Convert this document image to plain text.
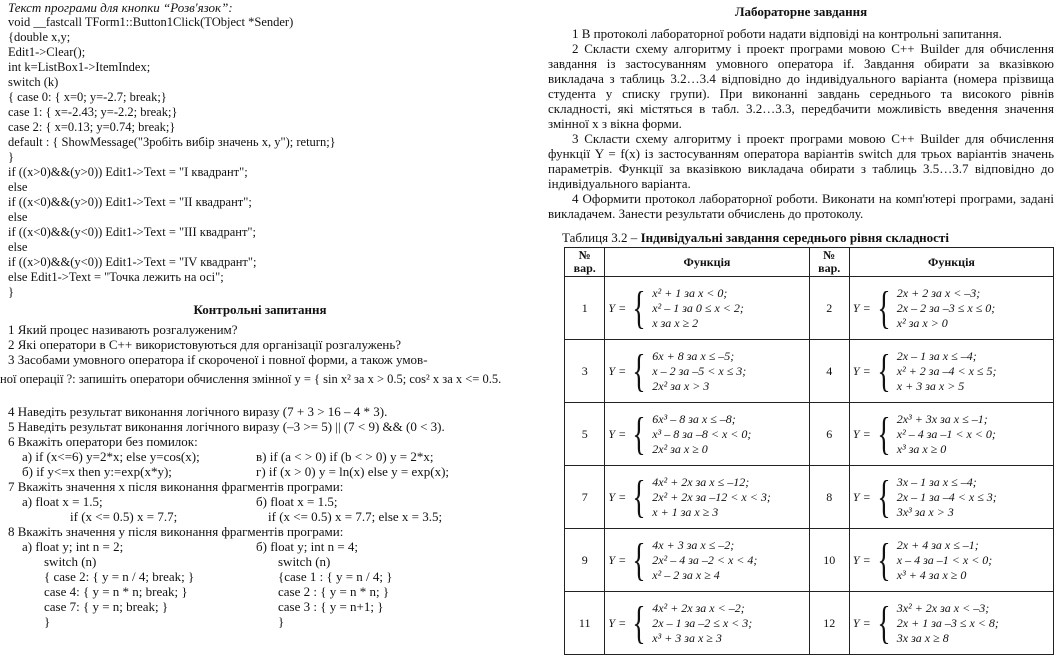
Текст програми для кнопки “Розв'язок”:
void __fastcall TForm1::Button1Click(TObject *Sender)
{double x,y;
Edit1->Clear();
int k=ListBox1->ItemIndex;
switch (k)
{ case 0: { x=0; y=-2.7; break;}
case 1: { x=-2.43; y=-2.2; break;}
case 2: { x=0.13; y=0.74; break;}
default : { ShowMessage("Зробіть вибір значень x, y"); return;}
}
if ((x>0)&&(y>0)) Edit1->Text = "I квадрант";
else
if ((x<0)&&(y>0)) Edit1->Text = "II квадрант";
else
if ((x<0)&&(y<0)) Edit1->Text = "III квадрант";
else
if ((x>0)&&(y<0)) Edit1->Text = "IV квадрант";
else Edit1->Text = "Точка лежить на осі";
}
Контрольні запитання
1 Який процес називають розгалуженим?
2 Які оператори в C++ використовуються для організації розгалужень?
3 Засобами умовного оператора if скороченої і повної форми, а також умов-
ної операції ?: запишіть оператори обчислення змінної y = { sin x² за x > 0.5; cos² x за x <= 0.5.
4 Наведіть результат виконання логічного виразу (7 + 3 > 16 – 4 * 3).
5 Наведіть результат виконання логічного виразу (–3 >= 5) || (7 < 9) && (0 < 3).
6 Вкажіть оператори без помилок:
а) if (x<=6) y=2*x; else y=cos(x);	в) if (a < > 0) if (b < > 0) y = 2*x;
б) if y<=x then y:=exp(x*y);	г) if (x > 0) y = ln(x) else y = exp(x);
7 Вкажіть значення x після виконання фрагментів програми:
а) float x = 1.5;	б) float x = 1.5;
if (x <= 0.5) x = 7.7;	if (x <= 0.5) x = 7.7; else x = 3.5;
8 Вкажіть значення y після виконання фрагментів програми:
а) float y; int n = 2;
switch (n)
{ case 2: { y = n / 4; break; }
case 4: { y = n * n; break; }
case 7: { y = n; break; }
}
б) float y; int n = 4;
switch (n)
{case 1 : { y = n / 4; }
case 2 : { y = n * n; }
case 3 : { y = n+1; }
}
Лабораторне завдання
1 В протоколі лабораторної роботи надати відповіді на контрольні запитання.
2 Скласти схему алгоритму і проект програми мовою C++ Builder для обчислення завдання із застосуванням умовного оператора if. Завдання обирати за вказівкою викладача з таблиць 3.2…3.4 відповідно до індивідуального варіанта (номера прізвища студента у списку групи). При виконанні завдань середнього та високого рівнів складності, які містяться в табл. 3.2…3.3, передбачити можливість введення значення змінної x з вікна форми.
3 Скласти схему алгоритму і проект програми мовою C++ Builder для обчислення функції Y = f(x) із застосуванням оператора варіантів switch для трьох варіантів значень параметрів. Функції за вказівкою викладача обирати з таблиць 3.5…3.7 відповідно до індивідуального варіанта.
4 Оформити протокол лабораторної роботи. Виконати на комп'ютері програми, задані викладачем. Занести результати обчислень до протоколу.
Таблиця 3.2 – Індивідуальні завдання середнього рівня складності
№ вар.	Функція	№ вар.	Функція
1	Y = { x² + 1 за x < 0;
x² – 1 за 0 ≤ x < 2;
x за x ≥ 2	2	Y = { 2x + 2 за x < –3;
2x – 2 за –3 ≤ x ≤ 0;
x² за x > 0

3	Y = { 6x + 8 за x ≤ –5;
x – 2 за –5 < x ≤ 3;
2x² за x > 3	4	Y = { 2x – 1 за x ≤ –4;
x² + 2 за –4 < x ≤ 5;
x + 3 за x > 5

5	Y = { 6x³ – 8 за x ≤ –8;
x³ – 8 за –8 < x < 0;
2x² за x ≥ 0	6	Y = { 2x³ + 3x за x ≤ –1;
x² – 4 за –1 < x < 0;
x³ за x ≥ 0

7	Y = { 4x² + 2x за x ≤ –12;
2x² + 2x за –12 < x < 3;
x + 1 за x ≥ 3	8	Y = { 3x – 1 за x ≤ –4;
2x – 1 за –4 < x ≤ 3;
3x³ за x > 3

9	Y = { 4x + 3 за x ≤ –2;
2x² – 4 за –2 < x < 4;
x² – 2 за x ≥ 4	10	Y = { 2x + 4 за x ≤ –1;
x – 4 за –1 < x < 0;
x³ + 4 за x ≥ 0

11	Y = { 4x² + 2x за x < –2;
2x – 1 за –2 ≤ x < 3;
x³ + 3 за x ≥ 3	12	Y = { 3x² + 2x за x < –3;
2x + 1 за –3 ≤ x < 8;
3x за x ≥ 8
